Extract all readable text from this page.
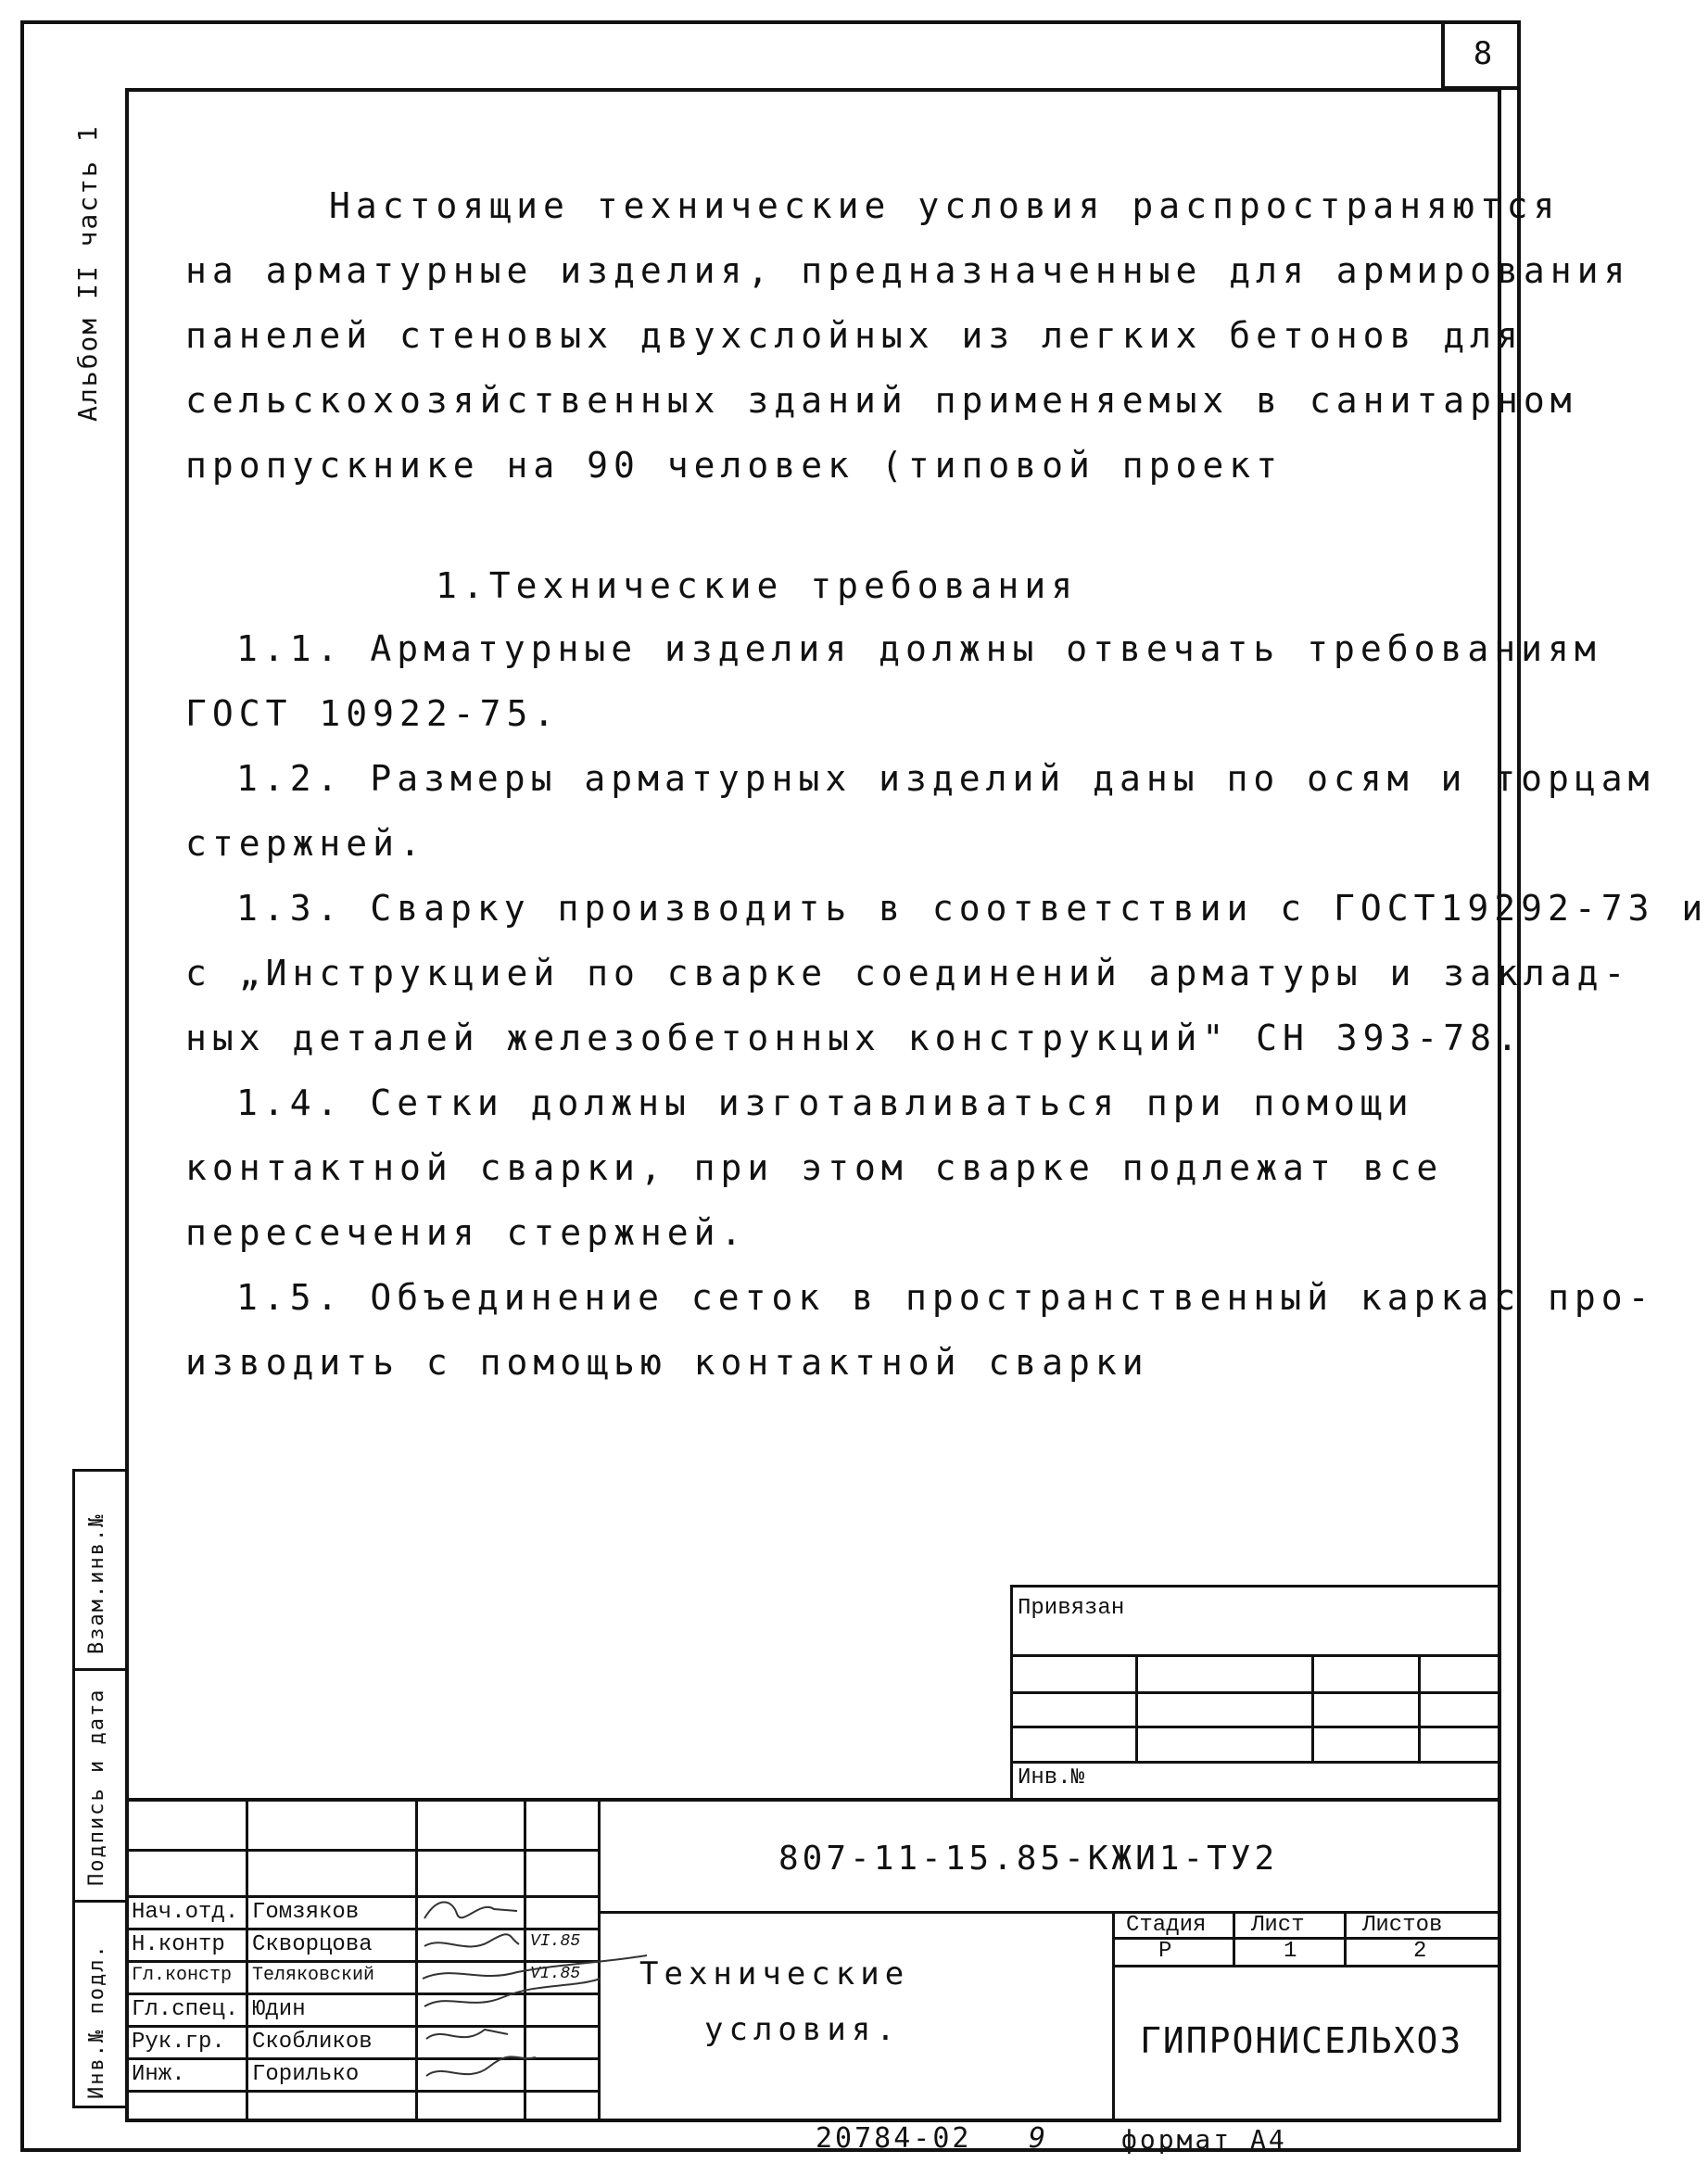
8
Альбом II часть 1
Взам.инв.№
Подпись и дата
Инв.№ подл.
Настоящие технические условия распространяются
на арматурные изделия, предназначенные для армирования
панелей стеновых двухслойных из легких бетонов для
сельскохозяйственных зданий применяемых в санитарном
пропускнике на 90 человек (типовой проект
1.Технические требования
1.1. Арматурные изделия должны отвечать требованиям
ГОСТ 10922-75.
1.2. Размеры арматурных изделий даны по осям и торцам
стержней.
1.3. Сварку производить в соответствии с ГОСТ19292-73 и
с „Инструкцией по сварке соединений арматуры и заклад-
ных деталей железобетонных конструкций" СН 393-78.
1.4. Сетки должны изготавливаться при помощи
контактной сварки, при этом сварке подлежат все
пересечения стержней.
1.5. Объединение сеток в пространственный каркас про-
изводить с помощью контактной сварки
Привязан
Инв.№
Нач.отд. Гомзяков
Н.контр Скворцова	VI.85
Гл.констр Теляковский	VI.85
Гл.спец. Юдин
Рук.гр. Скобликов
Инж.	Горилько
807-11-15.85-КЖИ1-ТУ2
Технические
условия.
Стадия Лист	Листов
Р	1	2
ГИПРОНИСЕЛЬХОЗ
20784-02 9	формат А4
